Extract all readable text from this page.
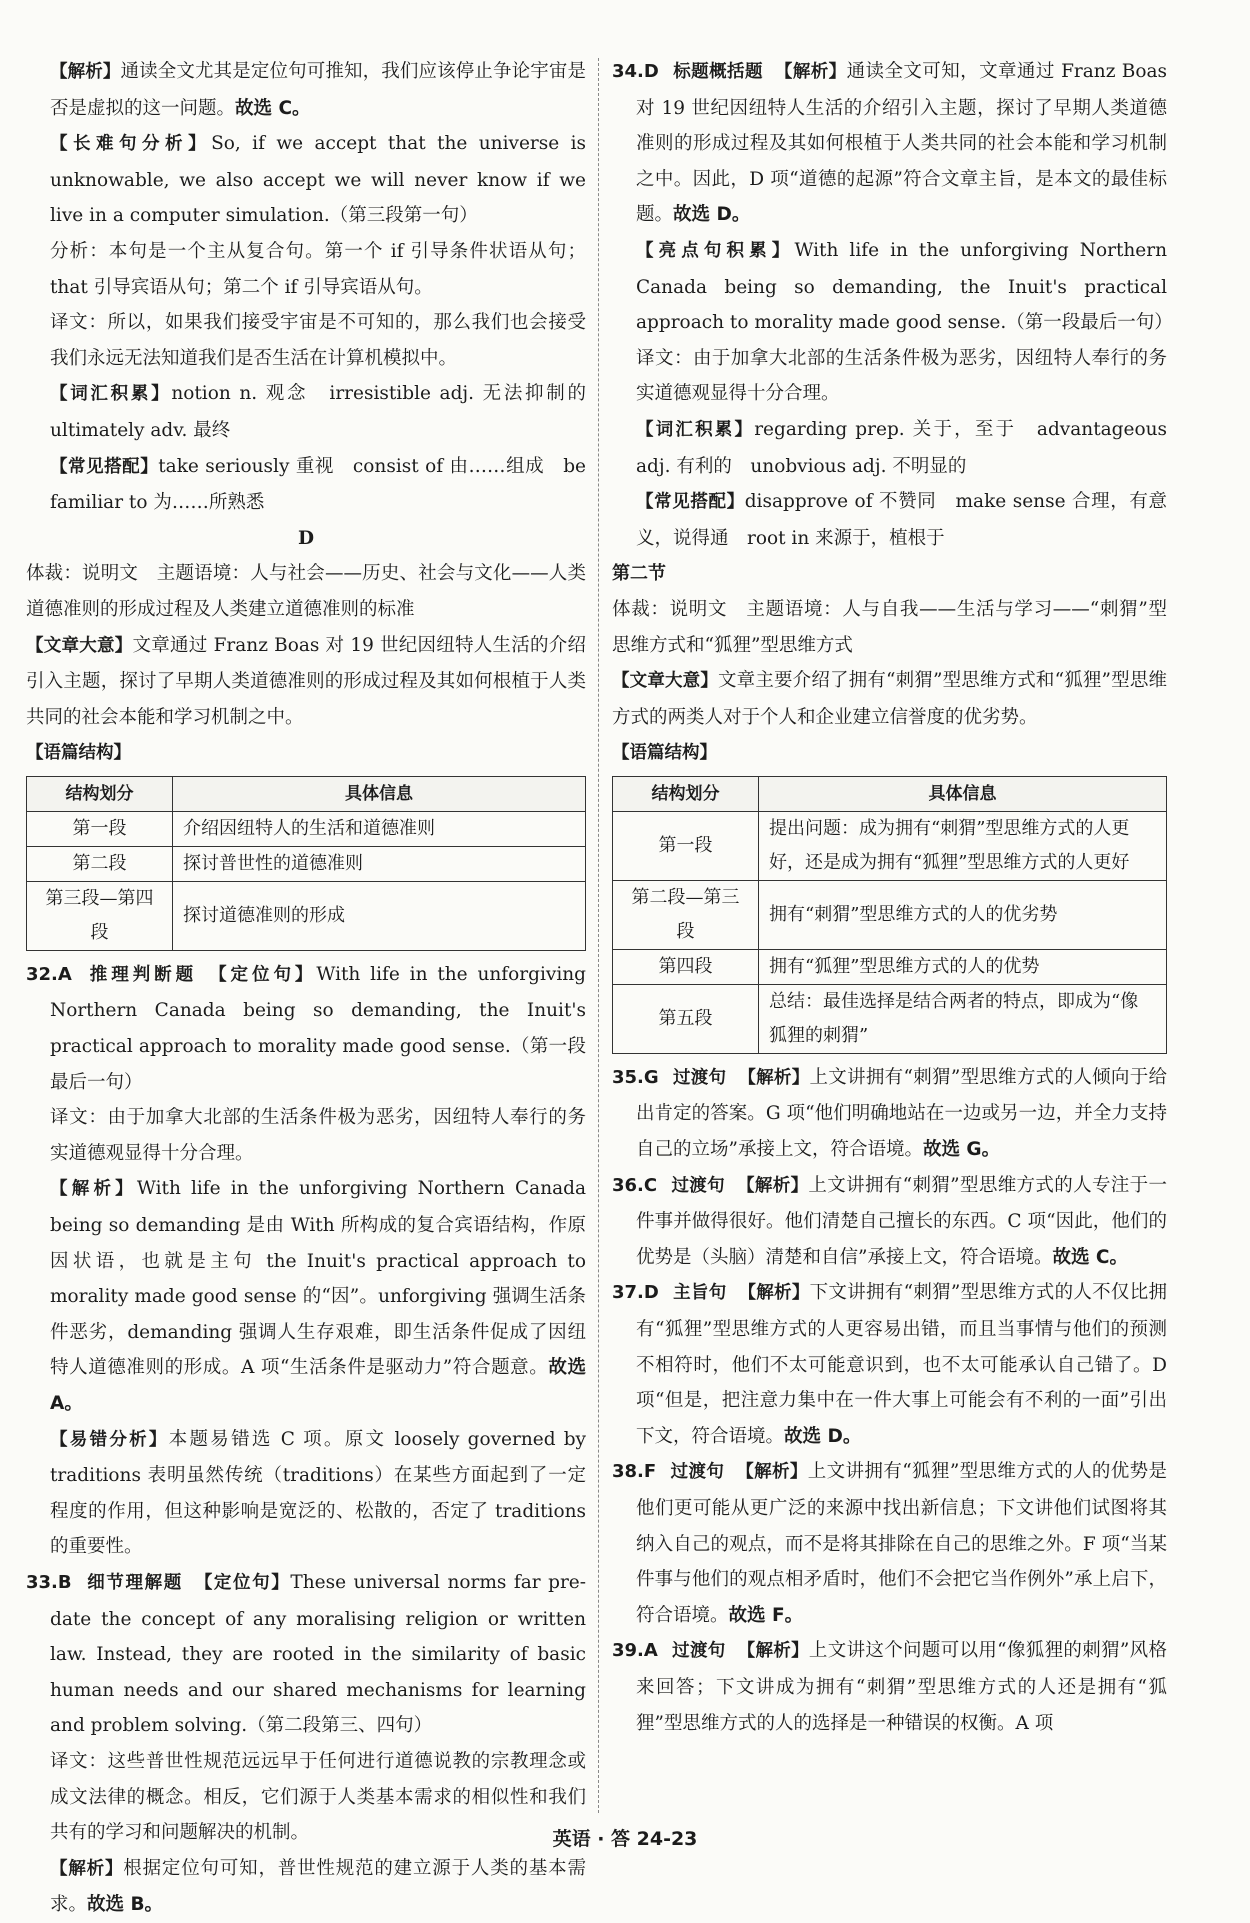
【解析】通读全文尤其是定位句可推知，我们应该停止争论宇宙是否是虚拟的这一问题。故选 C。

【长难句分析】So, if we accept that the universe is unknowable, we also accept we will never know if we live in a computer simulation.（第三段第一句）

分析：本句是一个主从复合句。第一个 if 引导条件状语从句；that 引导宾语从句；第二个 if 引导宾语从句。

译文：所以，如果我们接受宇宙是不可知的，那么我们也会接受我们永远无法知道我们是否生活在计算机模拟中。

【词汇积累】notion n. 观念　irresistible adj. 无法抑制的　ultimately adv. 最终

【常见搭配】take seriously 重视　consist of 由……组成　be familiar to 为……所熟悉

D

体裁：说明文　主题语境：人与社会——历史、社会与文化——人类道德准则的形成过程及人类建立道德准则的标准

【文章大意】文章通过 Franz Boas 对 19 世纪因纽特人生活的介绍引入主题，探讨了早期人类道德准则的形成过程及其如何根植于人类共同的社会本能和学习机制之中。

【语篇结构】

结构划分	具体信息
第一段	介绍因纽特人的生活和道德准则
第二段	探讨普世性的道德准则
第三段—第四段	探讨道德准则的形成

32.A 推理判断题 【定位句】With life in the unforgiving Northern Canada being so demanding, the Inuit's practical approach to morality made good sense.（第一段最后一句）

译文：由于加拿大北部的生活条件极为恶劣，因纽特人奉行的务实道德观显得十分合理。

【解析】With life in the unforgiving Northern Canada being so demanding 是由 With 所构成的复合宾语结构，作原因状语，也就是主句 the Inuit's practical approach to morality made good sense 的“因”。unforgiving 强调生活条件恶劣，demanding 强调人生存艰难，即生活条件促成了因纽特人道德准则的形成。A 项“生活条件是驱动力”符合题意。故选 A。

【易错分析】本题易错选 C 项。原文 loosely governed by traditions 表明虽然传统（traditions）在某些方面起到了一定程度的作用，但这种影响是宽泛的、松散的，否定了 traditions 的重要性。

33.B 细节理解题 【定位句】These universal norms far pre-date the concept of any moralising religion or written law. Instead, they are rooted in the similarity of basic human needs and our shared mechanisms for learning and problem solving.（第二段第三、四句）

译文：这些普世性规范远远早于任何进行道德说教的宗教理念或成文法律的概念。相反，它们源于人类基本需求的相似性和我们共有的学习和问题解决的机制。

【解析】根据定位句可知，普世性规范的建立源于人类的基本需求。故选 B。

34.D 标题概括题 【解析】通读全文可知，文章通过 Franz Boas 对 19 世纪因纽特人生活的介绍引入主题，探讨了早期人类道德准则的形成过程及其如何根植于人类共同的社会本能和学习机制之中。因此，D 项“道德的起源”符合文章主旨，是本文的最佳标题。故选 D。

【亮点句积累】With life in the unforgiving Northern Canada being so demanding, the Inuit's practical approach to morality made good sense.（第一段最后一句）

译文：由于加拿大北部的生活条件极为恶劣，因纽特人奉行的务实道德观显得十分合理。

【词汇积累】regarding prep. 关于，至于　advantageous adj. 有利的　unobvious adj. 不明显的

【常见搭配】disapprove of 不赞同　make sense 合理，有意义，说得通　root in 来源于，植根于

第二节

体裁：说明文　主题语境：人与自我——生活与学习——“刺猬”型思维方式和“狐狸”型思维方式

【文章大意】文章主要介绍了拥有“刺猬”型思维方式和“狐狸”型思维方式的两类人对于个人和企业建立信誉度的优劣势。

【语篇结构】

结构划分	具体信息
第一段	提出问题：成为拥有“刺猬”型思维方式的人更好，还是成为拥有“狐狸”型思维方式的人更好
第二段—第三段	拥有“刺猬”型思维方式的人的优劣势
第四段	拥有“狐狸”型思维方式的人的优势
第五段	总结：最佳选择是结合两者的特点，即成为“像狐狸的刺猬”

35.G 过渡句 【解析】上文讲拥有“刺猬”型思维方式的人倾向于给出肯定的答案。G 项“他们明确地站在一边或另一边，并全力支持自己的立场”承接上文，符合语境。故选 G。

36.C 过渡句 【解析】上文讲拥有“刺猬”型思维方式的人专注于一件事并做得很好。他们清楚自己擅长的东西。C 项“因此，他们的优势是（头脑）清楚和自信”承接上文，符合语境。故选 C。

37.D 主旨句 【解析】下文讲拥有“刺猬”型思维方式的人不仅比拥有“狐狸”型思维方式的人更容易出错，而且当事情与他们的预测不相符时，他们不太可能意识到，也不太可能承认自己错了。D 项“但是，把注意力集中在一件大事上可能会有不利的一面”引出下文，符合语境。故选 D。

38.F 过渡句 【解析】上文讲拥有“狐狸”型思维方式的人的优势是他们更可能从更广泛的来源中找出新信息；下文讲他们试图将其纳入自己的观点，而不是将其排除在自己的思维之外。F 项“当某件事与他们的观点相矛盾时，他们不会把它当作例外”承上启下，符合语境。故选 F。

39.A 过渡句 【解析】上文讲这个问题可以用“像狐狸的刺猬”风格来回答；下文讲成为拥有“刺猬”型思维方式的人还是拥有“狐狸”型思维方式的人的选择是一种错误的权衡。A 项

英语 · 答 24-23
